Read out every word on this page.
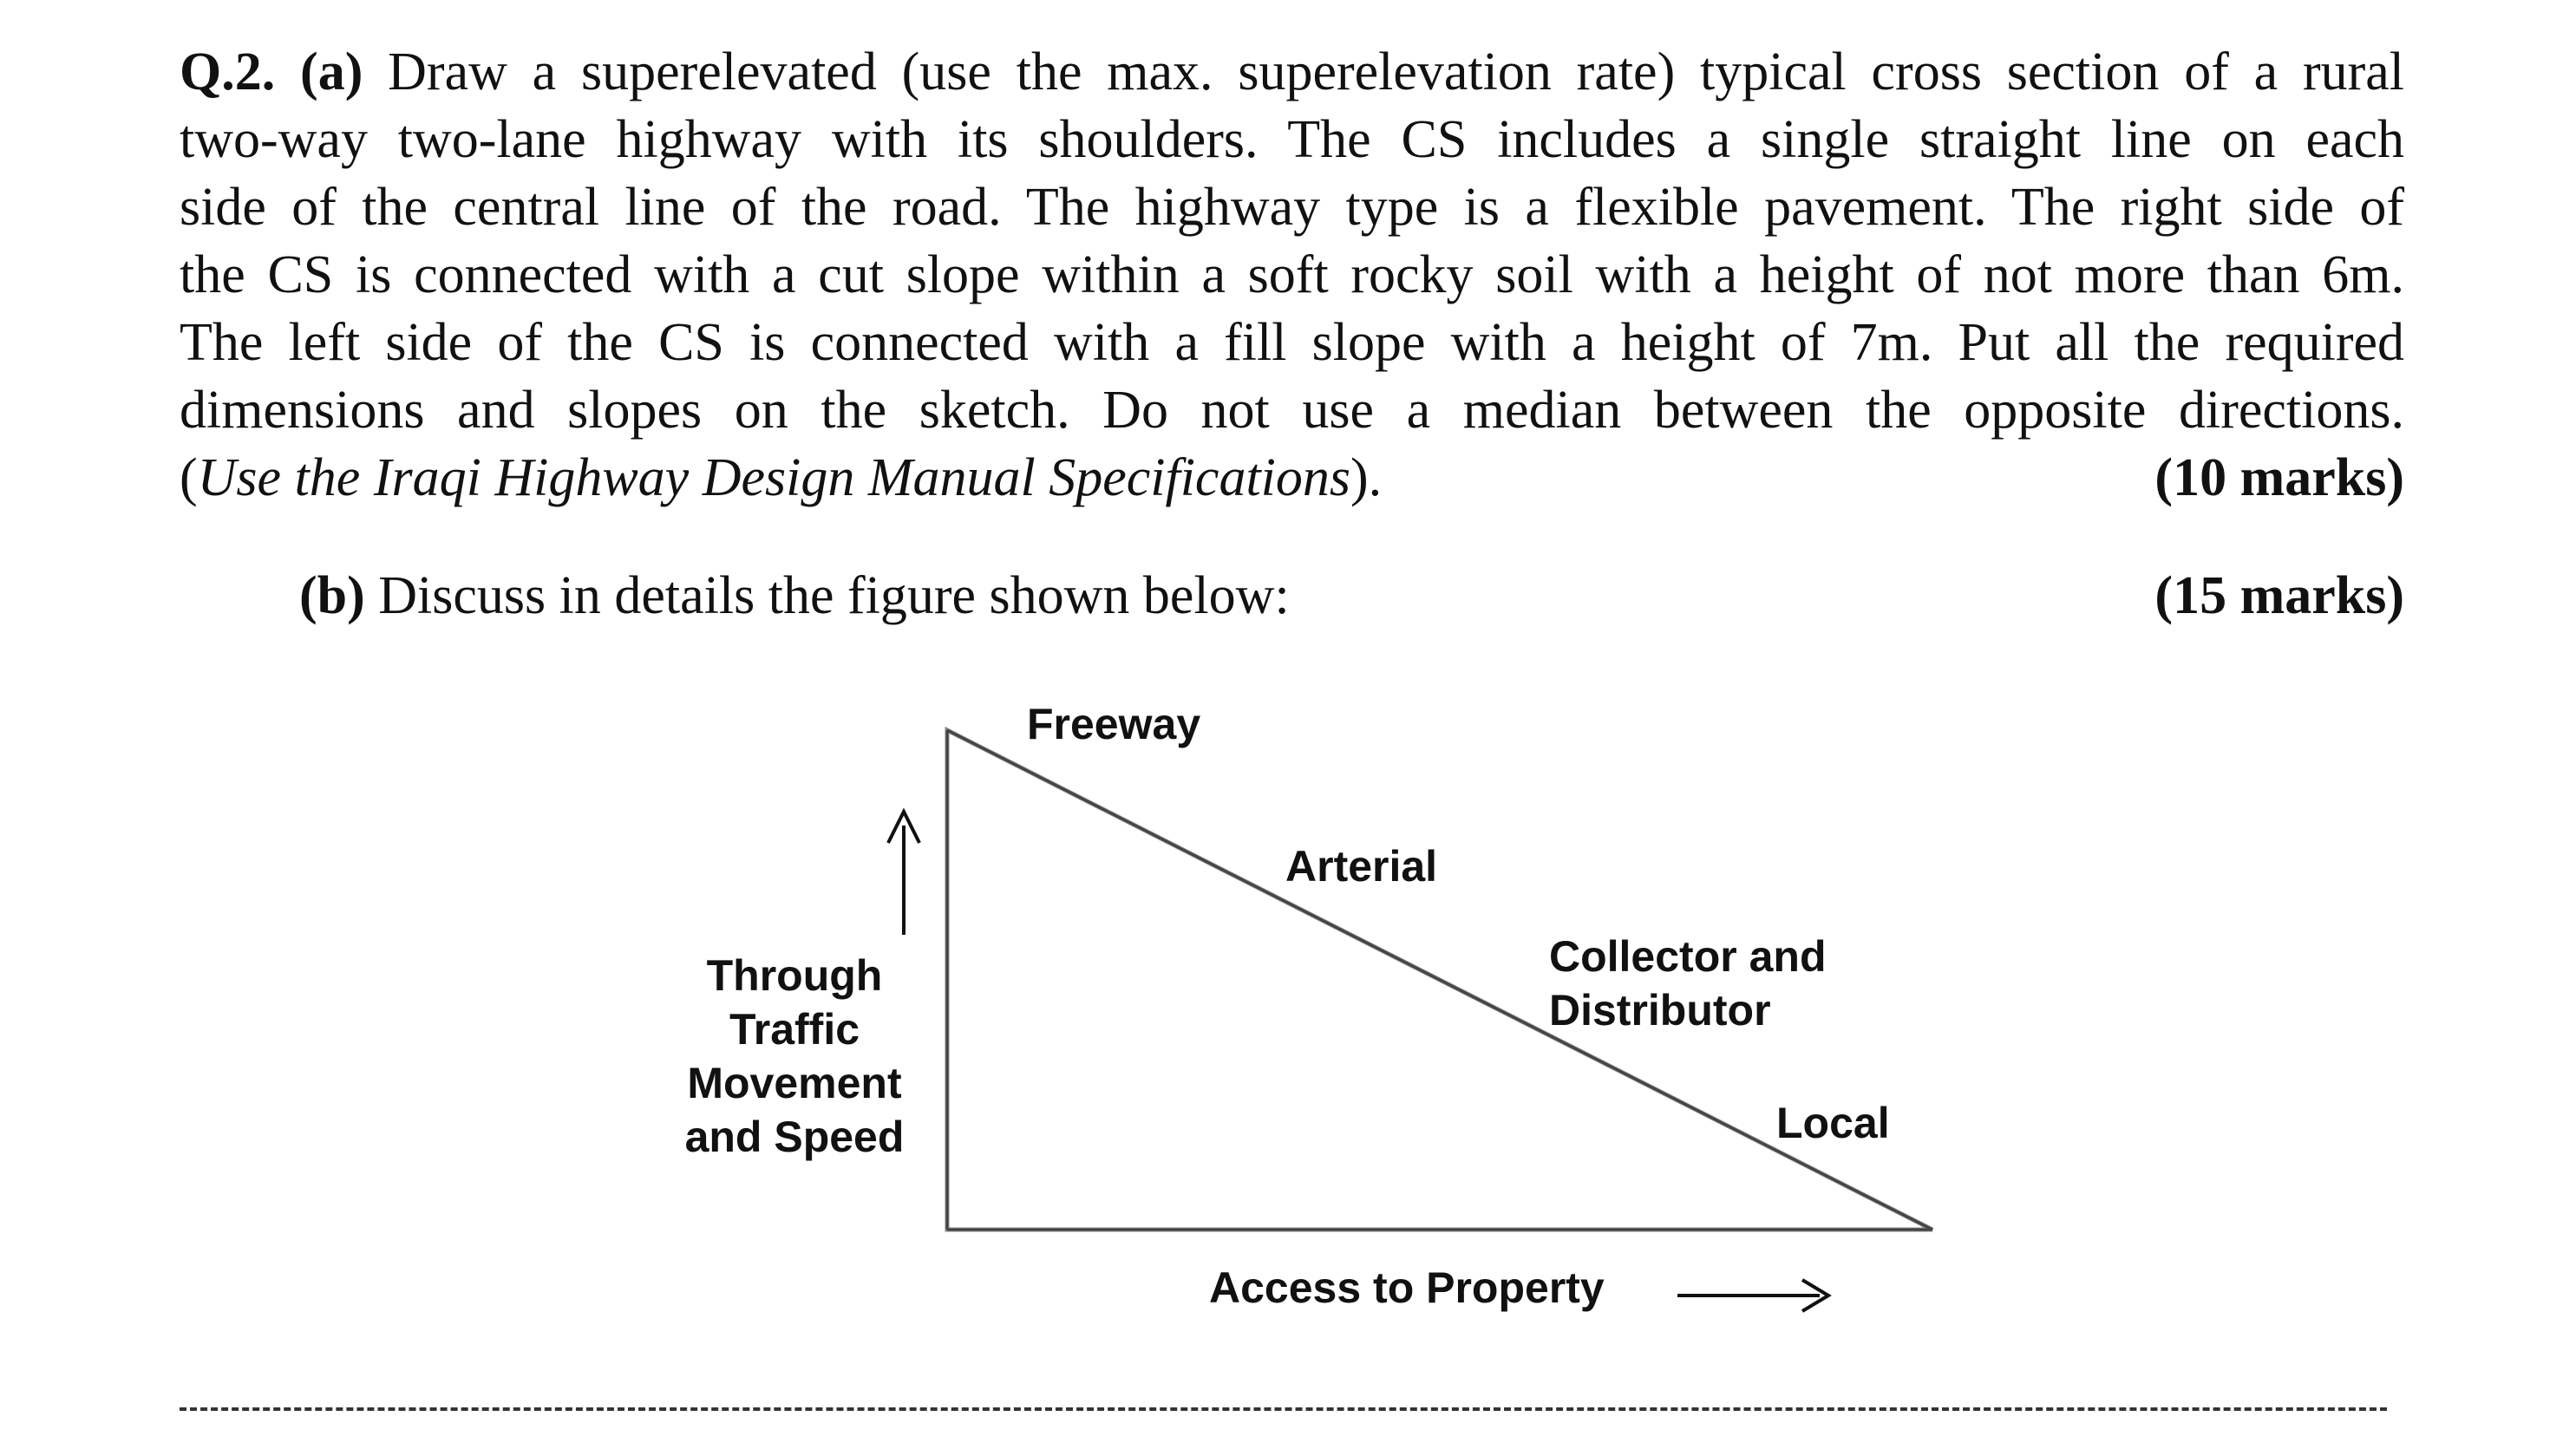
Q.2. (a) Draw a superelevated (use the max. superelevation rate) typical cross section of a rural
two-way two-lane highway with its shoulders. The CS includes a single straight line on each
side of the central line of the road. The highway type is a flexible pavement. The right side of
the CS is connected with a cut slope within a soft rocky soil with a height of not more than 6m.
The left side of the CS is connected with a fill slope with a height of 7m. Put all the required
dimensions and slopes on the sketch. Do not use a median between the opposite directions.
(Use the Iraqi Highway Design Manual Specifications).	(10 marks)
(b) Discuss in details the figure shown below:	(15 marks)
Freeway
Arterial
Collector and
Distributor
Local
Through
Traffic
Movement
and Speed
Access to Property
